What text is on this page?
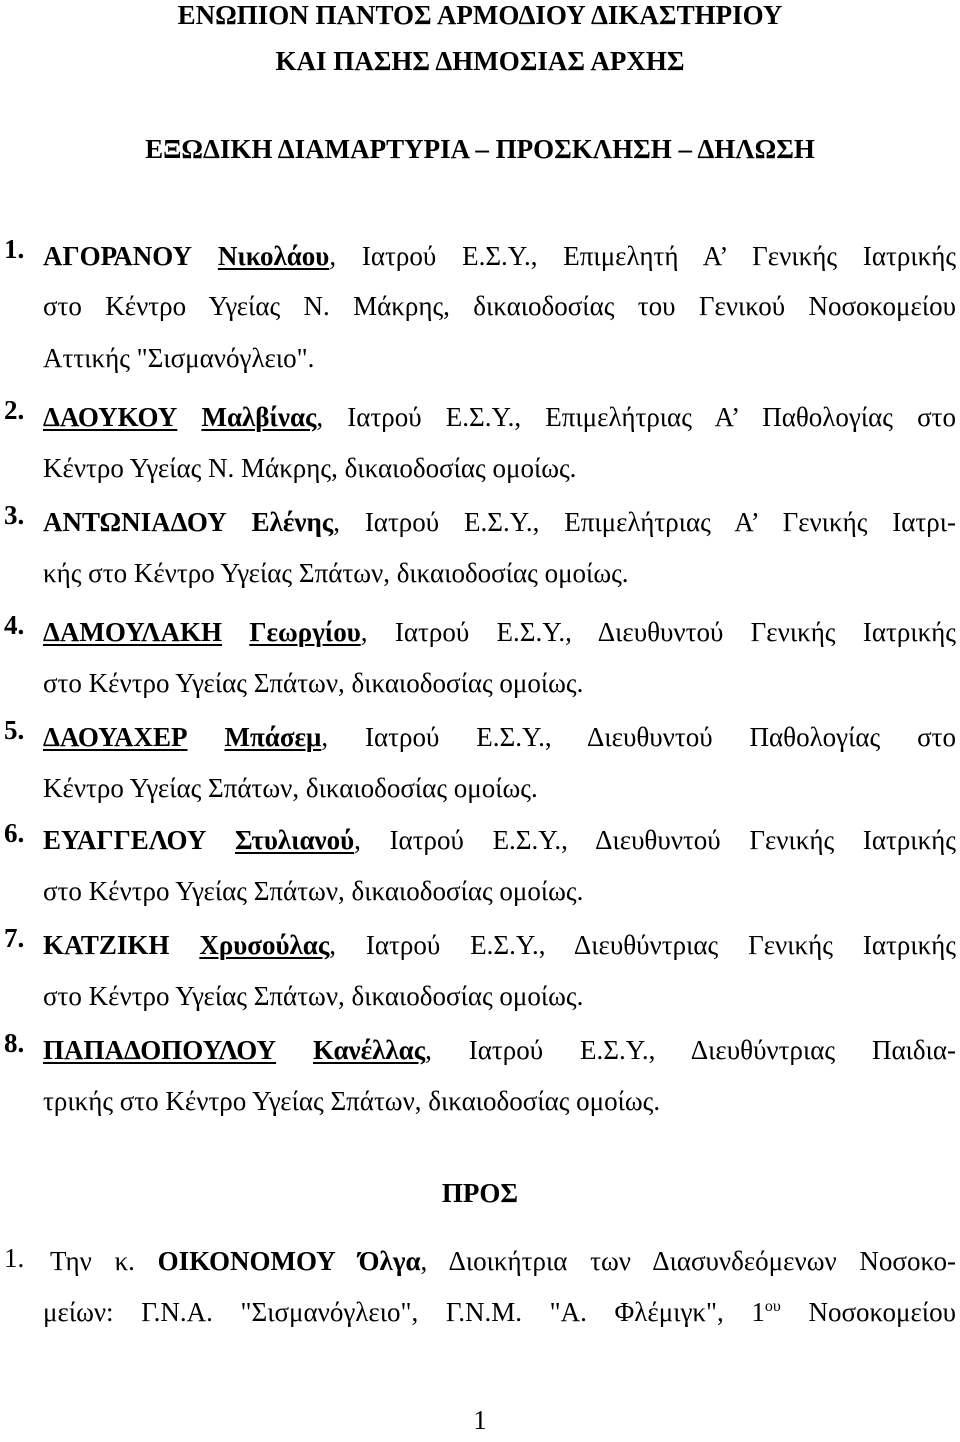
ΕΝΩΠΙΟΝ ΠΑΝΤΟΣ ΑΡΜΟΔΙΟΥ ΔΙΚΑΣΤΗΡΙΟΥ
ΚΑΙ ΠΑΣΗΣ ΔΗΜΟΣΙΑΣ ΑΡΧΗΣ
ΕΞΩΔΙΚΗ ΔΙΑΜΑΡΤΥΡΙΑ – ΠΡΟΣΚΛΗΣΗ – ΔΗΛΩΣΗ
1. ΑΓΟΡΑΝΟΥ Νικολάου, Ιατρού Ε.Σ.Υ., Επιμελητή Α’ Γενικής Ιατρικής
στο Κέντρο Υγείας Ν. Μάκρης, δικαιοδοσίας του Γενικού Νοσοκομείου
Αττικής "Σισμανόγλειο".
2. ΔΑΟΥΚΟΥ Μαλβίνας, Ιατρού Ε.Σ.Υ., Επιμελήτριας Α’ Παθολογίας στο
Κέντρο Υγείας Ν. Μάκρης, δικαιοδοσίας ομοίως.
3. ΑΝΤΩΝΙΑΔΟΥ Ελένης, Ιατρού Ε.Σ.Υ., Επιμελήτριας Α’ Γενικής Ιατρι-
κής στο Κέντρο Υγείας Σπάτων, δικαιοδοσίας ομοίως.
4. ΔΑΜΟΥΛΑΚΗ Γεωργίου, Ιατρού Ε.Σ.Υ., Διευθυντού Γενικής Ιατρικής
στο Κέντρο Υγείας Σπάτων, δικαιοδοσίας ομοίως.
5. ΔΑΟΥΑΧΕΡ Μπάσεμ, Ιατρού Ε.Σ.Υ., Διευθυντού Παθολογίας στο
Κέντρο Υγείας Σπάτων, δικαιοδοσίας ομοίως.
6. ΕΥΑΓΓΕΛΟΥ Στυλιανού, Ιατρού Ε.Σ.Υ., Διευθυντού Γενικής Ιατρικής
στο Κέντρο Υγείας Σπάτων, δικαιοδοσίας ομοίως.
7. ΚΑΤΖΙΚΗ Χρυσούλας, Ιατρού Ε.Σ.Υ., Διευθύντριας Γενικής Ιατρικής
στο Κέντρο Υγείας Σπάτων, δικαιοδοσίας ομοίως.
8. ΠΑΠΑΔΟΠΟΥΛΟΥ Κανέλλας, Ιατρού Ε.Σ.Υ., Διευθύντριας Παιδια-
τρικής στο Κέντρο Υγείας Σπάτων, δικαιοδοσίας ομοίως.
ΠΡΟΣ
1. Την κ. ΟΙΚΟΝΟΜΟΥ Όλγα, Διοικήτρια των Διασυνδεόμενων Νοσοκο-
μείων: Γ.Ν.Α. "Σισμανόγλειο", Γ.Ν.Μ. "Α. Φλέμιγκ", $1^{o\upsilon}$ Νοσοκομείου
1
